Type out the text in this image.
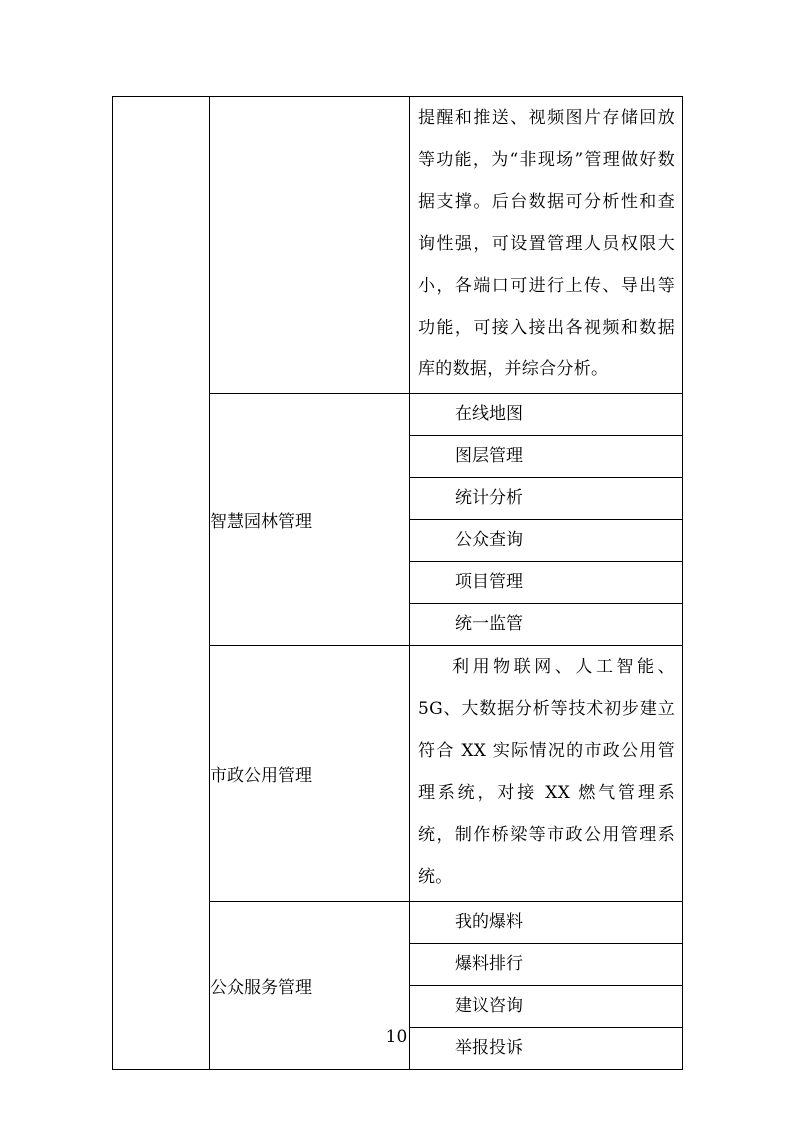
		提醒和推送、视频图片存储回放等功能，为“非现场”管理做好数据支撑。后台数据可分析性和查询性强，可设置管理人员权限大小，各端口可进行上传、导出等功能，可接入接出各视频和数据库的数据，并综合分析。

	智慧园林管理	在线地图

		图层管理

		统计分析

		公众查询

		项目管理

		统一监管

	市政公用管理	利用物联网、人工智能、5G、大数据分析等技术初步建立符合 XX 实际情况的市政公用管理系统，对接 XX 燃气管理系统，制作桥梁等市政公用管理系统。

	公众服务管理	我的爆料

		爆料排行

		建议咨询

		举报投诉
10
